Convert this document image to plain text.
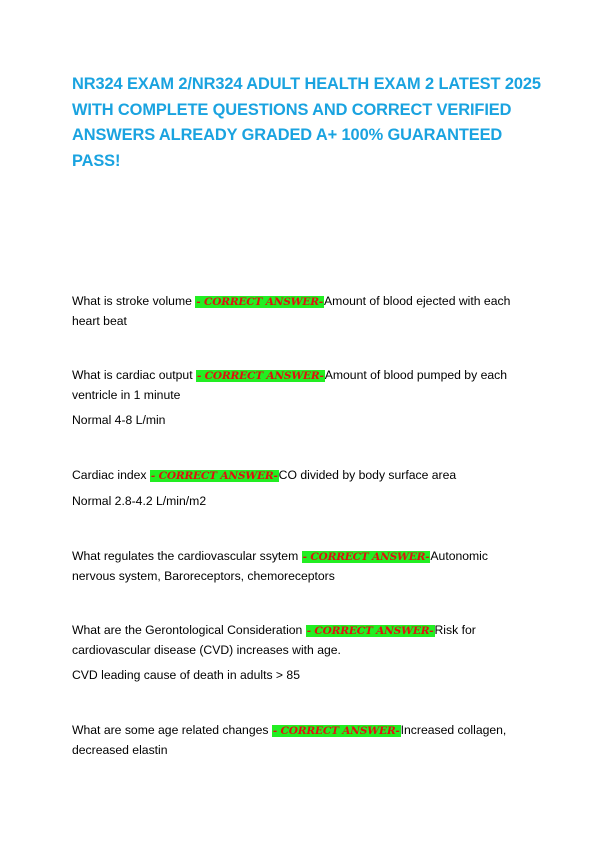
NR324 EXAM 2/NR324 ADULT HEALTH EXAM 2 LATEST 2025 WITH COMPLETE QUESTIONS AND CORRECT VERIFIED ANSWERS ALREADY GRADED A+ 100% GUARANTEED PASS!

What is stroke volume - CORRECT ANSWER-Amount of blood ejected with each heart beat

What is cardiac output - CORRECT ANSWER-Amount of blood pumped by each ventricle in 1 minute

Normal 4-8 L/min

Cardiac index - CORRECT ANSWER-CO divided by body surface area

Normal 2.8-4.2 L/min/m2

What regulates the cardiovascular ssytem - CORRECT ANSWER-Autonomic nervous system, Baroreceptors, chemoreceptors

What are the Gerontological Consideration - CORRECT ANSWER-Risk for cardiovascular disease (CVD) increases with age.

CVD leading cause of death in adults > 85

What are some age related changes - CORRECT ANSWER-Increased collagen, decreased elastin
